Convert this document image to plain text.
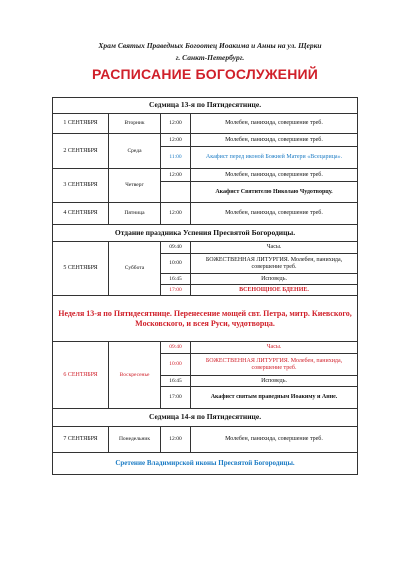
Храм Святых Праведных Богоотец Иоакима и Анны на ул. Щерки
г. Санкт-Петербург.
РАСПИСАНИЕ БОГОСЛУЖЕНИЙ
Седмица 13-я по Пятидесятнице.			
1 СЕНТЯБРЯ	Вторник	12:00	Молебен, панихида, совершение треб.
2 СЕНТЯБРЯ	Среда	12:00	Молебен, панихида, совершение треб.
		11:00	Акафист перед иконой Божией Матери «Всецарица».
3 СЕНТЯБРЯ	Четверг	12:00	Молебен, панихида, совершение треб.
			Акафист Святителю Николаю Чудотворцу.
4 СЕНТЯБРЯ	Пятница	12:00	Молебен, панихида, совершение треб.
Отдание праздника Успения Пресвятой Богородицы.			
5 СЕНТЯБРЯ	Суббота	09:40	Часы.
		10:00	БОЖЕСТВЕННАЯ ЛИТУРГИЯ. Молебен, панихида, совершение треб.
		16:45	Исповедь.
		17:00	ВСЕНОЩНОЕ БДЕНИЕ.
Неделя 13-я по Пятидесятнице. Перенесение мощей свт. Петра, митр. Киевского, Московского, и всея Руси, чудотворца.			
6 СЕНТЯБРЯ	Воскресенье	09:40	Часы.
		10:00	БОЖЕСТВЕННАЯ ЛИТУРГИЯ. Молебен, панихида, совершение треб.
		16:45	Исповедь.
		17:00	Акафист святым праведным Иоакиму и Анне.
Седмица 14-я по Пятидесятнице.			
7 СЕНТЯБРЯ	Понедельник	12:00	Молебен, панихида, совершение треб.
Сретение Владимирской иконы Пресвятой Богородицы.			
